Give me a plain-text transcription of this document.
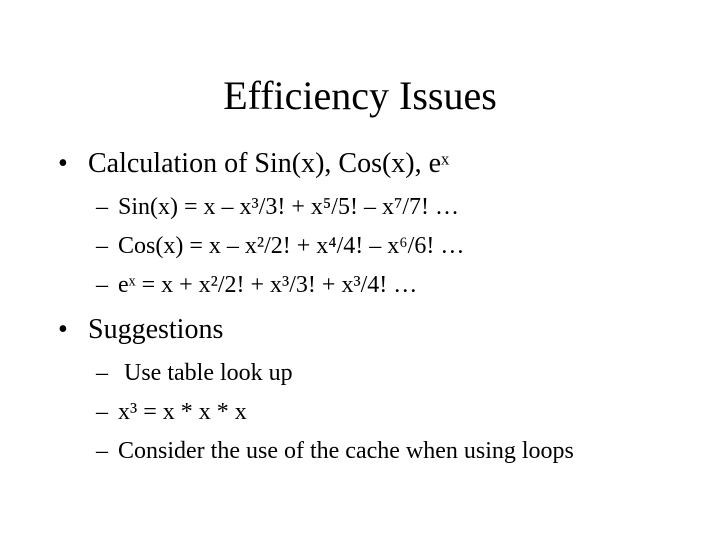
Efficiency Issues
• Calculation of Sin(x), Cos(x), eˣ
– Sin(x) = x – x³/3! + x⁵/5! – x⁷/7! …
– Cos(x) = x – x²/2! + x⁴/4! – x⁶/6! …
– eˣ = x + x²/2! + x³/3! + x³/4! …
• Suggestions
– Use table look up
– x³ = x * x * x
– Consider the use of the cache when using loops
